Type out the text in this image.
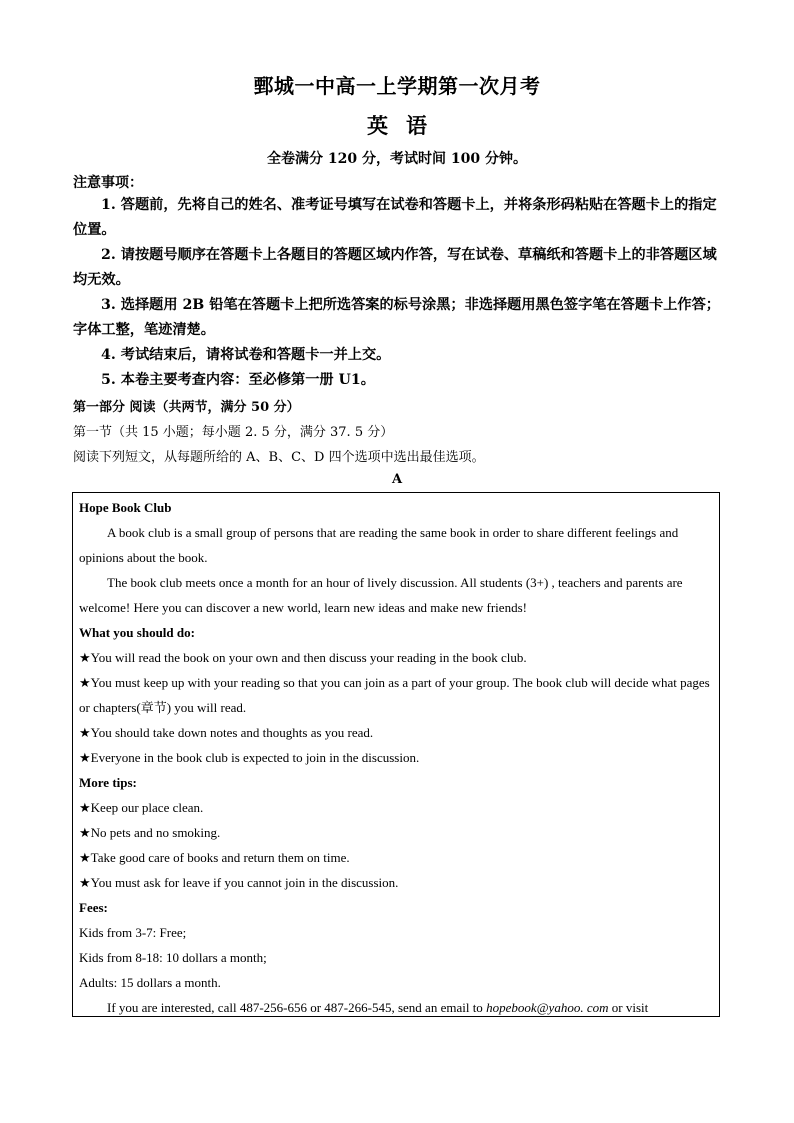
鄄城一中高一上学期第一次月考
英语
全卷满分 120 分，考试时间 100 分钟。
注意事项：

1. 答题前，先将自己的姓名、准考证号填写在试卷和答题卡上，并将条形码粘贴在答题卡上的指定位置。

2. 请按题号顺序在答题卡上各题目的答题区域内作答，写在试卷、草稿纸和答题卡上的非答题区域均无效。

3. 选择题用 2B 铅笔在答题卡上把所选答案的标号涂黑；非选择题用黑色签字笔在答题卡上作答；字体工整，笔迹清楚。

4. 考试结束后，请将试卷和答题卡一并上交。

5. 本卷主要考查内容：至必修第一册 U1。

第一部分 阅读（共两节，满分 50 分）
第一节（共 15 小题；每小题 2. 5 分，满分 37. 5 分）
阅读下列短文，从每题所给的 A、B、C、D 四个选项中选出最佳选项。
A

Hope Book Club

A book club is a small group of persons that are reading the same book in order to share different feelings and opinions about the book.

The book club meets once a month for an hour of lively discussion. All students (3+) , teachers and parents are welcome! Here you can discover a new world, learn new ideas and make new friends!

What you should do:

★You will read the book on your own and then discuss your reading in the book club.

★You must keep up with your reading so that you can join as a part of your group. The book club will decide what pages or chapters(章节) you will read.

★You should take down notes and thoughts as you read.

★Everyone in the book club is expected to join in the discussion.

More tips:

★Keep our place clean.

★No pets and no smoking.

★Take good care of books and return them on time.

★You must ask for leave if you cannot join in the discussion.

Fees:

Kids from 3-7: Free;

Kids from 8-18: 10 dollars a month;

Adults: 15 dollars a month.

If you are interested, call 487-256-656 or 487-266-545, send an email to hopebook@yahoo. com or visit
